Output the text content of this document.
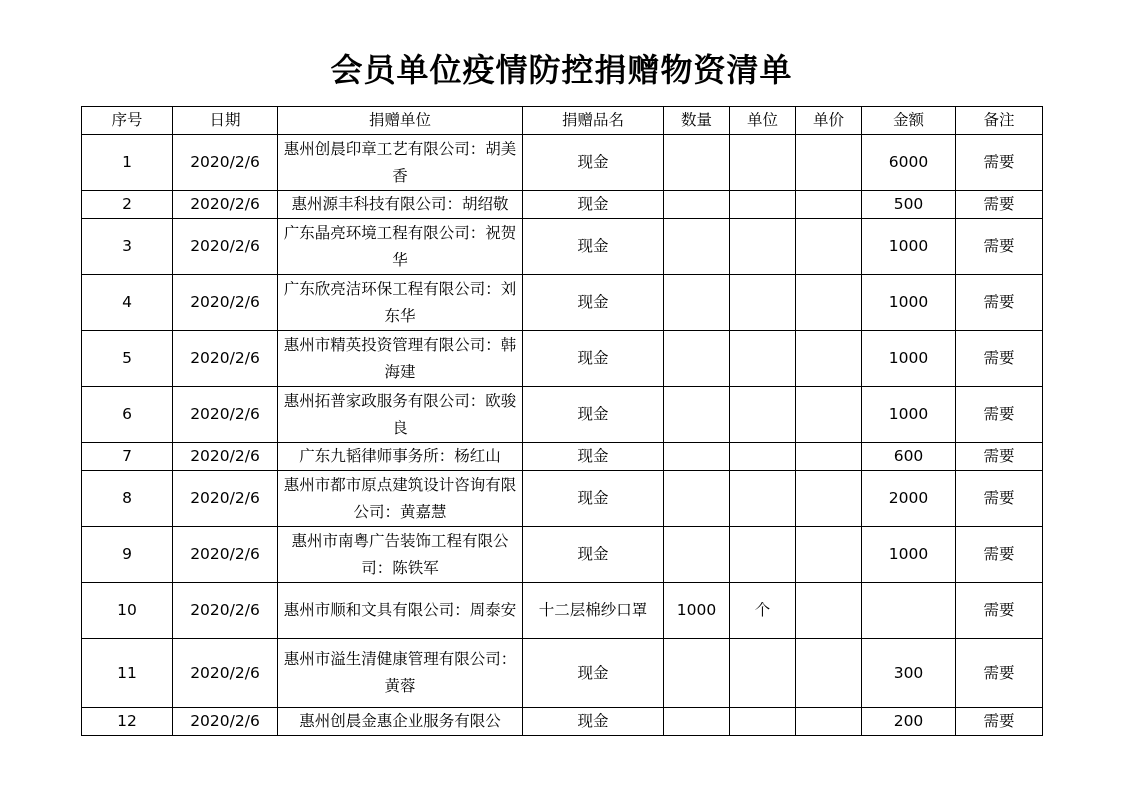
会员单位疫情防控捐赠物资清单
序号	日期	捐赠单位	捐赠品名	数量	单位	单价	金额	备注
1	2020/2/6	惠州创晨印章工艺有限公司：胡美香	现金				6000	需要
2	2020/2/6	惠州源丰科技有限公司：胡绍敬	现金				500	需要
3	2020/2/6	广东晶亮环境工程有限公司：祝贺华	现金				1000	需要
4	2020/2/6	广东欣亮洁环保工程有限公司：刘东华	现金				1000	需要
5	2020/2/6	惠州市精英投资管理有限公司：韩海建	现金				1000	需要
6	2020/2/6	惠州拓普家政服务有限公司：欧骏良	现金				1000	需要
7	2020/2/6	广东九韬律师事务所：杨红山	现金				600	需要
8	2020/2/6	惠州市都市原点建筑设计咨询有限公司：黄嘉慧	现金				2000	需要
9	2020/2/6	惠州市南粤广告装饰工程有限公司：陈铁军	现金				1000	需要
10	2020/2/6	惠州市顺和文具有限公司：周泰安	十二层棉纱口罩	1000	个			需要
11	2020/2/6	惠州市溢生清健康管理有限公司：黄蓉	现金				300	需要
12	2020/2/6	惠州创晨金惠企业服务有限公	现金				200	需要
